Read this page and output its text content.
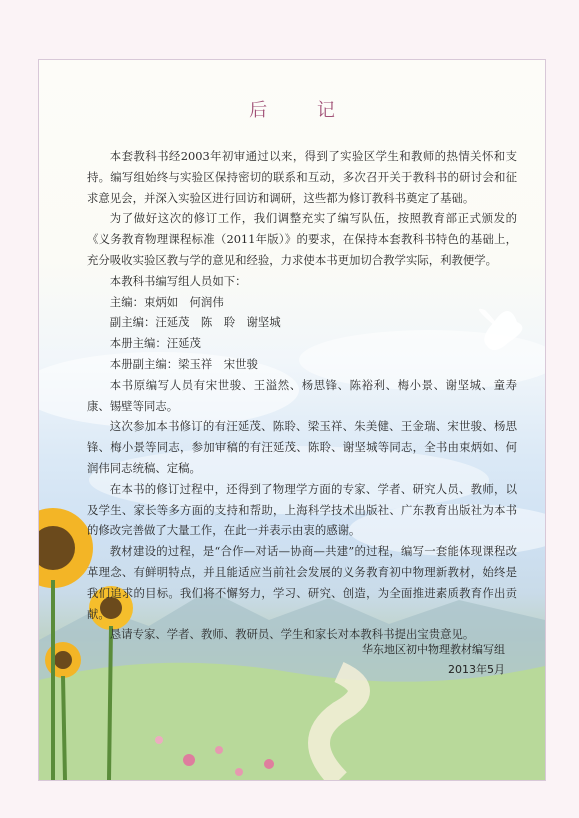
后 记

本套教科书经2003年初审通过以来，得到了实验区学生和教师的热情关怀和支持。编写组始终与实验区保持密切的联系和互动，多次召开关于教科书的研讨会和征求意见会，并深入实验区进行回访和调研，这些都为修订教科书奠定了基础。

为了做好这次的修订工作，我们调整充实了编写队伍，按照教育部正式颁发的《义务教育物理课程标准（2011年版）》的要求，在保持本套教科书特色的基础上，充分吸收实验区教与学的意见和经验，力求使本书更加切合教学实际，利教便学。

本教科书编写组人员如下：

主编：束炳如　何润伟

副主编：汪延茂　陈　聆　谢坚城

本册主编：汪延茂

本册副主编：梁玉祥　宋世骏

本书原编写人员有宋世骏、王溢然、杨思锋、陈裕利、梅小景、谢坚城、童寿康、锡壁等同志。

这次参加本书修订的有汪延茂、陈聆、梁玉祥、朱美健、王金瑞、宋世骏、杨思锋、梅小景等同志，参加审稿的有汪延茂、陈聆、谢坚城等同志，全书由束炳如、何润伟同志统稿、定稿。

在本书的修订过程中，还得到了物理学方面的专家、学者、研究人员、教师，以及学生、家长等多方面的支持和帮助，上海科学技术出版社、广东教育出版社为本书的修改完善做了大量工作，在此一并表示由衷的感谢。

教材建设的过程，是“合作—对话—协商—共建”的过程，编写一套能体现课程改革理念、有鲜明特点，并且能适应当前社会发展的义务教育初中物理新教材，始终是我们追求的目标。我们将不懈努力，学习、研究、创造，为全面推进素质教育作出贡献。

恳请专家、学者、教师、教研员、学生和家长对本教科书提出宝贵意见。

华东地区初中物理教材编写组
2013年5月
